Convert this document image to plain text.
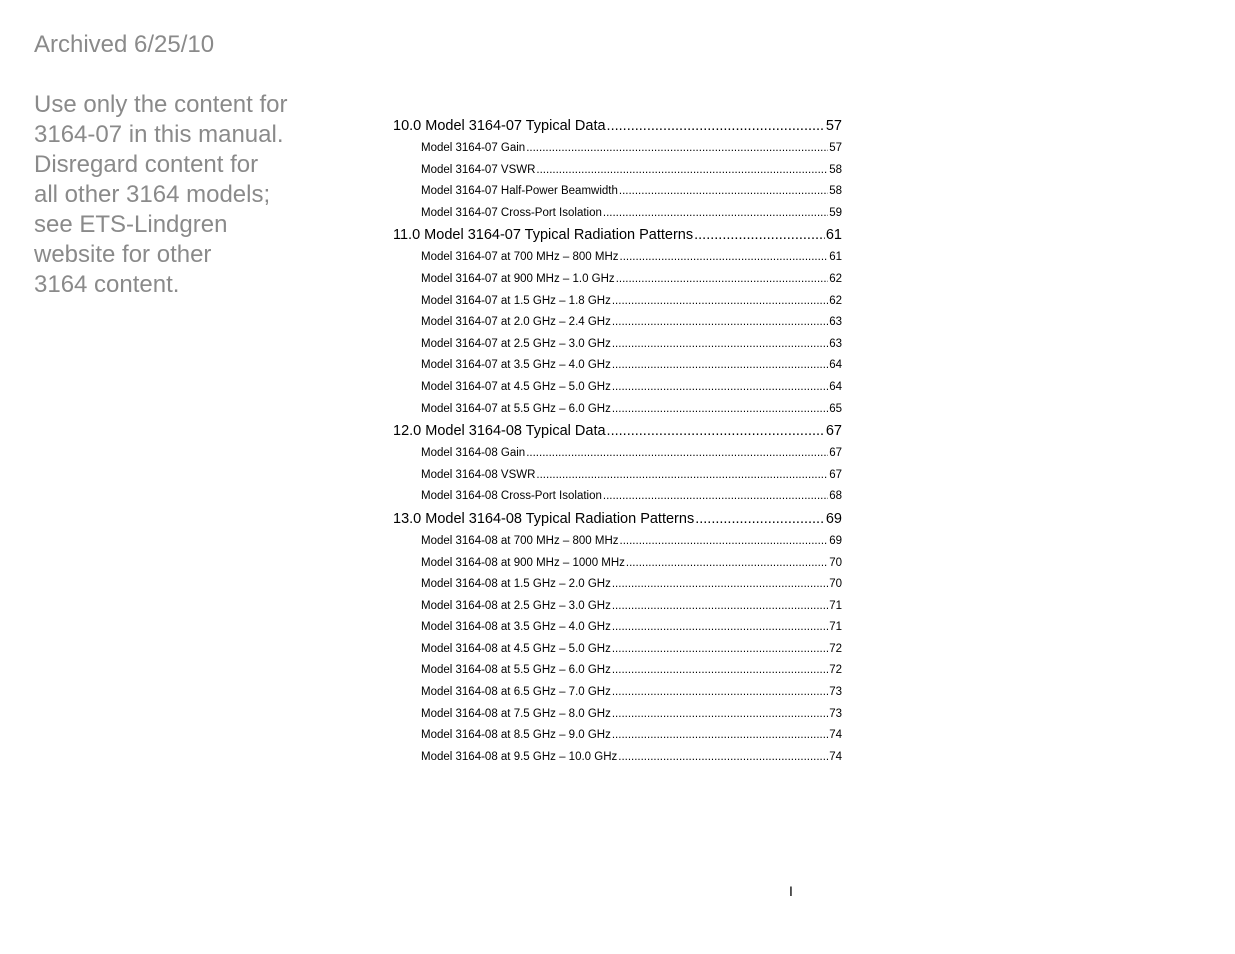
Archived 6/25/10

Use only the content for
3164-07 in this manual.
Disregard content for
all other 3164 models;
see ETS-Lindgren
website for other
3164 content.

10.0 Model 3164-07 Typical Data .....	57
Model 3164-07 Gain .....	57
Model 3164-07 VSWR .....	58
Model 3164-07 Half-Power Beamwidth .....	58
Model 3164-07 Cross-Port Isolation .....	59
11.0 Model 3164-07 Typical Radiation Patterns .....	61
Model 3164-07 at 700 MHz – 800 MHz .....	61
Model 3164-07 at 900 MHz – 1.0 GHz .....	62
Model 3164-07 at 1.5 GHz – 1.8 GHz .....	62
Model 3164-07 at 2.0 GHz – 2.4 GHz .....	63
Model 3164-07 at 2.5 GHz – 3.0 GHz .....	63
Model 3164-07 at 3.5 GHz – 4.0 GHz .....	64
Model 3164-07 at 4.5 GHz – 5.0 GHz .....	64
Model 3164-07 at 5.5 GHz – 6.0 GHz .....	65
12.0 Model 3164-08 Typical Data .....	67
Model 3164-08 Gain .....	67
Model 3164-08 VSWR .....	67
Model 3164-08 Cross-Port Isolation .....	68
13.0 Model 3164-08 Typical Radiation Patterns .....	69
Model 3164-08 at 700 MHz – 800 MHz .....	69
Model 3164-08 at 900 MHz – 1000 MHz .....	70
Model 3164-08 at 1.5 GHz – 2.0 GHz .....	70
Model 3164-08 at 2.5 GHz – 3.0 GHz .....	71
Model 3164-08 at 3.5 GHz – 4.0 GHz .....	71
Model 3164-08 at 4.5 GHz – 5.0 GHz .....	72
Model 3164-08 at 5.5 GHz – 6.0 GHz .....	72
Model 3164-08 at 6.5 GHz – 7.0 GHz .....	73
Model 3164-08 at 7.5 GHz – 8.0 GHz .....	73
Model 3164-08 at 8.5 GHz – 9.0 GHz .....	74
Model 3164-08 at 9.5 GHz – 10.0 GHz .....	74
I
